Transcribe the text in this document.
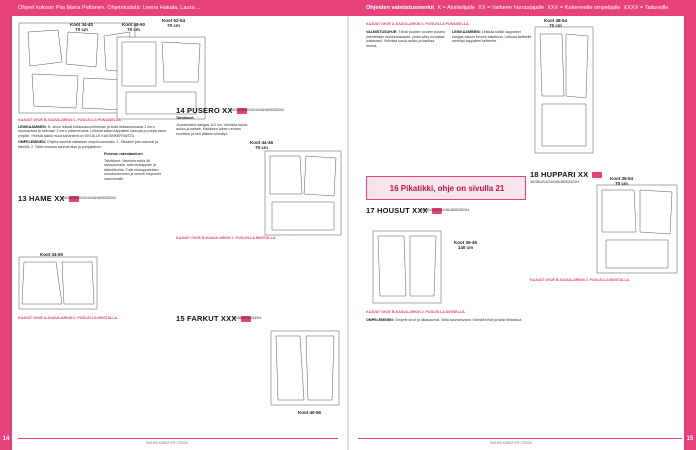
Ohjeet kokoon Piia Maria Peltonen. Ohjetekstistä: Leena Hakala, Laura ...	Ohjeiden valmistusmerkit X = Aloittelijalle XX = Vaiheen harrastajalle XXX = Kokeneelle ompelijalle XXXX = Taitureille
14	15
Koot 34-40
70 cm
Koot 48-50
70 cm
Koot 52-54
70 cm

KAAVAT OHJE B-KAAVA-ARKIN 1. PUOLELLA PUNAISELLA.

LEIKKAAMINEN: N. sinun leikaat leikkuusuunnitelman ja lisää lisäsaumavarat 1 cm:n saumavarat ja helmaan 3 cm:n päärmevarat. Leikkaa kaikki kappaleet kaavoja ja pohjia takia ympäri. Yhdistä kaikki muut sahanterä on SIVUILLE KAKSINKERTAISTA.

OMPELEMINEN: Ohjeita saumat siistataan ompelusaumalla. 1. Siksakin joko saumat ja kiinnitä. 2. Silitä mukana saumat alas ja pohjakaivon.

Puseron rakentaminen

Tarvikkeet: Valmista selkä 46 sivusaumalla, taita etukappale ja kääntökohta. Tutki etukappaleiden muodostaminen ja ommel etupuolet vasemmalle.

13 HAME XX
34/36/38/40/42/44/46/48/50/52/54
Koot 34-50
14 PUSERO XX
34/36/38/40/42/44/46/48/50/52/54

Tarvikkeet

Joustamaton kangas 110 cm. Valmista kaula-aukko ja kaitale. Kaitaleen toinen reunan huolittelu ja sen jälkeen kiinnitys.

Koot 44-46
70 cm
KAAVAT OHJE B-KAAVA-ARKIN 1. PUOLELLA MUSTALLA.
15 FARKUT XXX
40/38/50/52/54/54
Koot 40-56
KAAVAT OHJE A-KAAVA-ARKIN 2. PUOLELLA MUSTALLA.
SUURI KÄSITYÖ 7/2024
KAAVAT OHJE A-KAAVA-ARKIN 1. PUOLELLA PUNAISELLA.

VALMISTUSOHJE: Tämä vuoden vuoden pusero toteutetaan neulekankaasta, jonka sävy kuvastaa loistavasti. Valmista kaula-aukko ja kanttaa reunat.

LEIKKAAMINEN: Leikkaa kaikki kappaleet kangas kaksin kerroin taitettuna. Leikkaa taitteelle merkityt kappaleet taitteelta.

Koot 48-54
70 cm
16 Pikatikki, ohje on sivulla 21
17 HOUSUT XXX
36/38/40/42/44/46/48/50/52/54
Koot 36-46
140 cm
KAAVAT OHJE B-KAAVA-ARKIN 2. PUOLELLA SINISELLÄ.

OMPELEMINEN: Ompele sivut ja olkasaumat. Silitä saumanvarat. Kiinnitä hihat ja taita hihansuut.

18 HUPPARI XX
36/38/40/42/44/46/48/50/52/54
Koot 36-54
70 cm
KAAVAT OHJE B-KAAVA-ARKIN 2. PUOLELLA MUSTALLA.
SUURI KÄSITYÖ 7/2024
